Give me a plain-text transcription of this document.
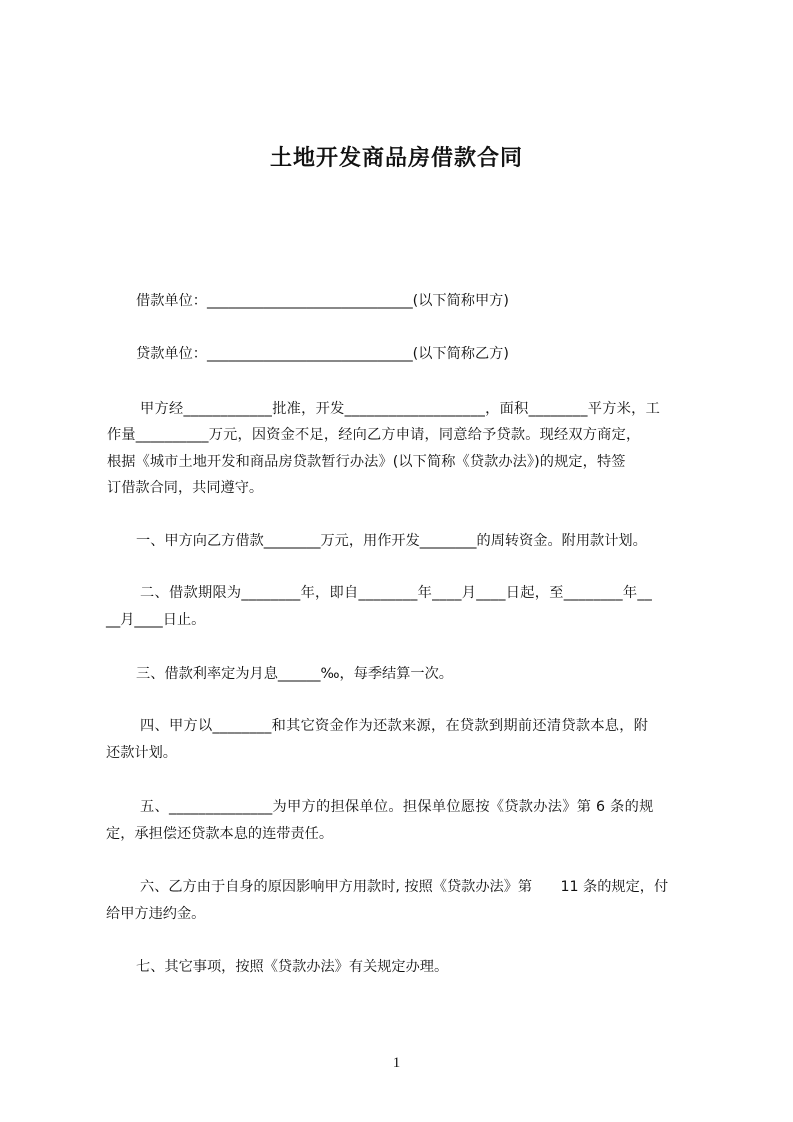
土地开发商品房借款合同
借款单位：_____________________________(以下简称甲方)
贷款单位：_____________________________(以下简称乙方)
甲方经____________批准，开发___________________，面积________平方米，工
作量__________万元，因资金不足，经向乙方申请，同意给予贷款。现经双方商定，
根据《城市土地开发和商品房贷款暂行办法》(以下简称《贷款办法》)的规定，特签
订借款合同，共同遵守。
一、甲方向乙方借款________万元，用作开发________的周转资金。附用款计划。
二、借款期限为________年，即自________年____月____日起，至________年__
__月____日止。
三、借款利率定为月息______‰，每季结算一次。
四、甲方以________和其它资金作为还款来源，在贷款到期前还清贷款本息，附
还款计划。
五、______________为甲方的担保单位。担保单位愿按《贷款办法》第 6 条的规
定，承担偿还贷款本息的连带责任。
六、乙方由于自身的原因影响甲方用款时, 按照《贷款办法》第　　11 条的规定，付
给甲方违约金。
七、其它事项，按照《贷款办法》有关规定办理。
1
